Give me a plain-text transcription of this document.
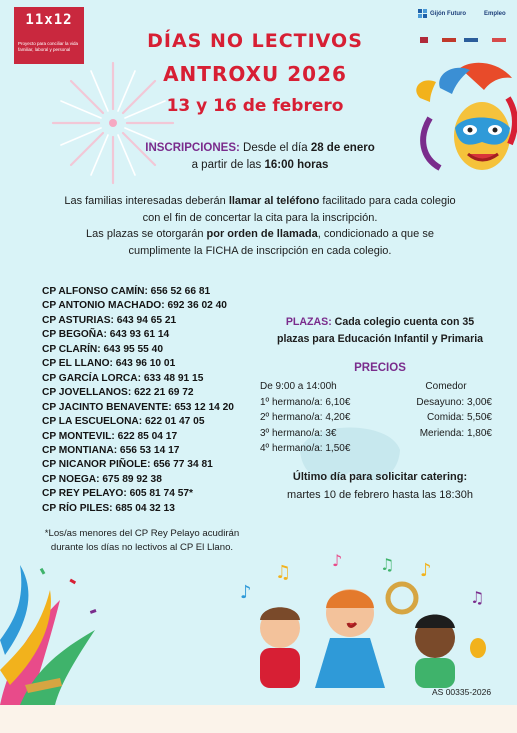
11x12
Proyecto para conciliar la vida familiar, laboral y personal
Gijón Futuro	Empleo
DÍAS NO LECTIVOS
ANTROXU 2026
13 y 16 de febrero
INSCRIPCIONES: Desde el día 28 de enero
a partir de las 16:00 horas
Las familias interesadas deberán llamar al teléfono facilitado para cada colegio
con el fin de concertar la cita para la inscripción.
Las plazas se otorgarán por orden de llamada, condicionado a que se
cumplimente la FICHA de inscripción en cada colegio.
CP ALFONSO CAMÍN: 656 52 66 81
CP ANTONIO MACHADO: 692 36 02 40
CP ASTURIAS: 643 94 65 21
CP BEGOÑA: 643 93 61 14
CP CLARÍN: 643 95 55 40
CP EL LLANO: 643 96 10 01
CP GARCÍA LORCA: 633 48 91 15
CP JOVELLANOS: 622 21 69 72
CP JACINTO BENAVENTE: 653 12 14 20
CP LA ESCUELONA: 622 01 47 05
CP MONTEVIL: 622 85 04 17
CP MONTIANA: 656 53 14 17
CP NICANOR PIÑOLE: 656 77 34 81
CP NOEGA: 675 89 92 38
CP REY PELAYO: 605 81 74 57*
CP RÍO PILES: 685 04 32 13
*Los/as menores del CP Rey Pelayo acudirán
durante los días no lectivos al CP El Llano.
PLAZAS: Cada colegio cuenta con 35
plazas para Educación Infantil y Primaria
PRECIOS
De 9:00 a 14:00h
1º hermano/a: 6,10€
2º hermano/a: 4,20€
3º hermano/a: 3€
4º hermano/a: 1,50€
Comedor
Desayuno: 3,00€
Comida: 5,50€
Merienda: 1,80€
Último día para solicitar catering:
martes 10 de febrero hasta las 18:30h
♪
♫
♪ ♫ ♪
♫
AS 00335-2026
